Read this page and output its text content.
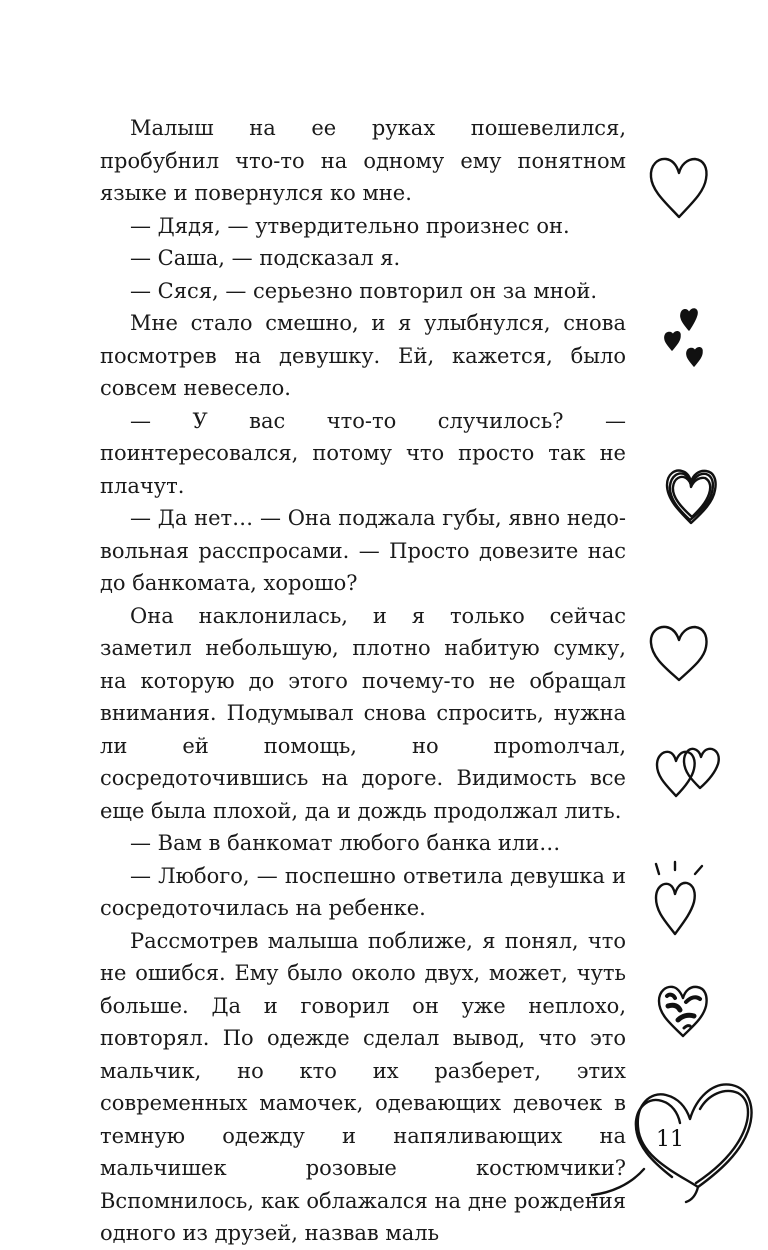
Малыш на ее руках пошевелился, пробубнил что-то на одному ему понятном языке и повернулся ко мне.

— Дядя, — утвердительно произнес он.

— Саша, — подсказал я.

— Сяся, — серьезно повторил он за мной.

Мне стало смешно, и я улыбнулся, снова посмотрев на девушку. Ей, кажется, было совсем невесело.

— У вас что-то случилось? — поинтересовался, потому что просто так не плачут.

— Да нет… — Она поджала губы, явно недовольная расспросами. — Просто довезите нас до банкомата, хорошо?

Она наклонилась, и я только сейчас заметил небольшую, плотно набитую сумку, на которую до этого почему-то не обращал внимания. Подумывал снова спросить, нужна ли ей помощь, но проmолчал, сосредоточившись на дороге. Видимость все еще была плохой, да и дождь продолжал лить.

— Вам в банкомат любого банка или…

— Любого, — поспешно ответила девушка и сосредоточилась на ребенке.

Рассмотрев малыша поближе, я понял, что не ошибся. Ему было около двух, может, чуть больше. Да и говорил он уже неплохо, повторял. По одежде сделал вывод, что это мальчик, но кто их разберет, этих современных мамочек, одевающих девочек в темную одежду и напяливающих на мальчишек розовые костюмчики? Вспомнилось, как облажался на дне рождения одного из друзей, назвав маль

11
